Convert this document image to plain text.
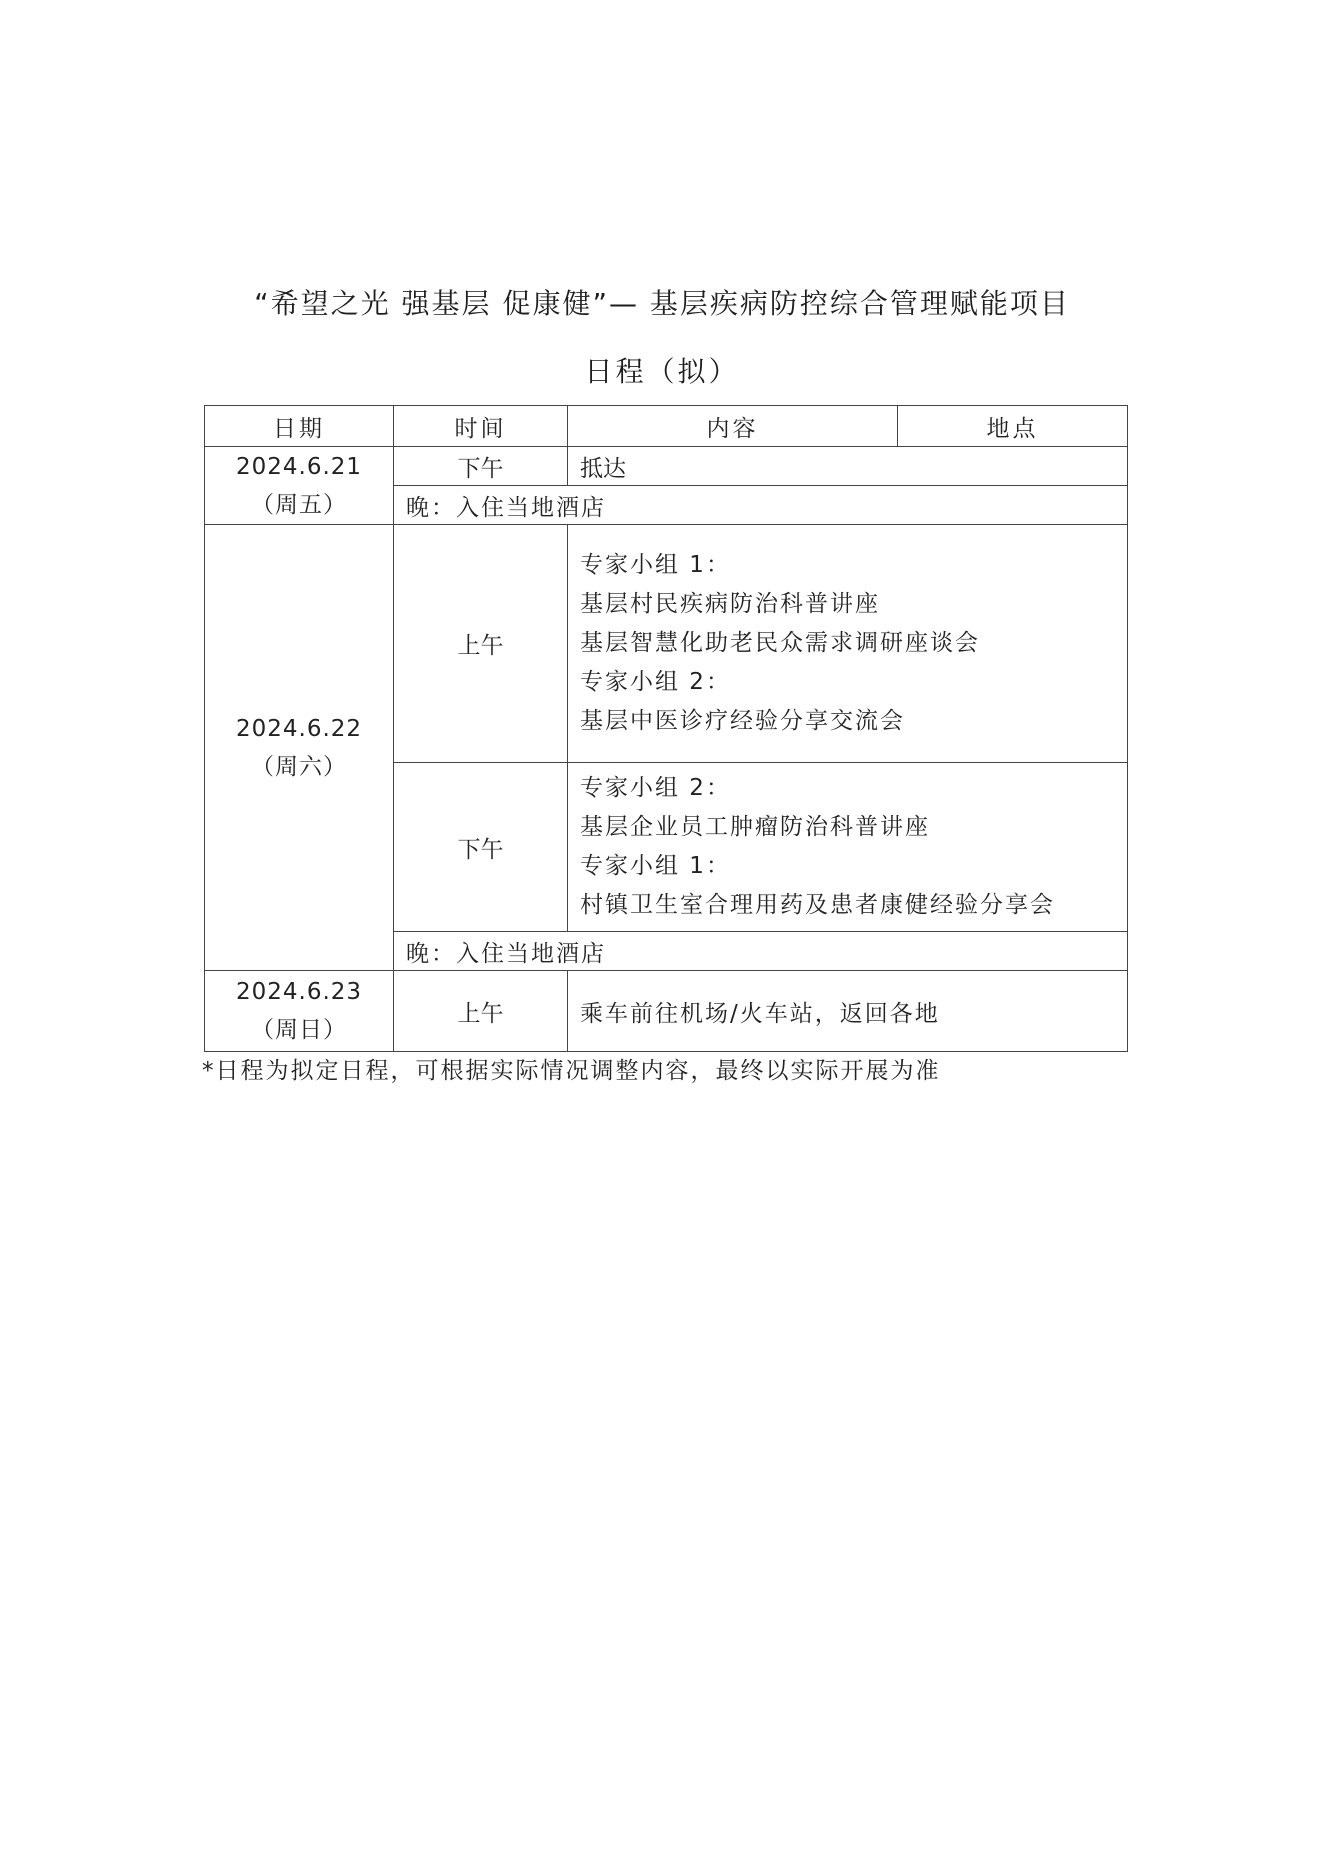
“希望之光 强基层 促康健”— 基层疾病防控综合管理赋能项目
日程（拟）
日期	时间	内容	地点

2024.6.21
（周五）	下午	抵达	
	晚：入住当地酒店		

2024.6.22
（周六）	上午	专家小组 1：
基层村民疾病防治科普讲座
基层智慧化助老民众需求调研座谈会
专家小组 2：
基层中医诊疗经验分享交流会	

	下午	专家小组 2：
基层企业员工肿瘤防治科普讲座
专家小组 1：
村镇卫生室合理用药及患者康健经验分享会	

	晚：入住当地酒店		

2024.6.23
（周日）	上午	乘车前往机场/火车站，返回各地	
*日程为拟定日程，可根据实际情况调整内容，最终以实际开展为准
